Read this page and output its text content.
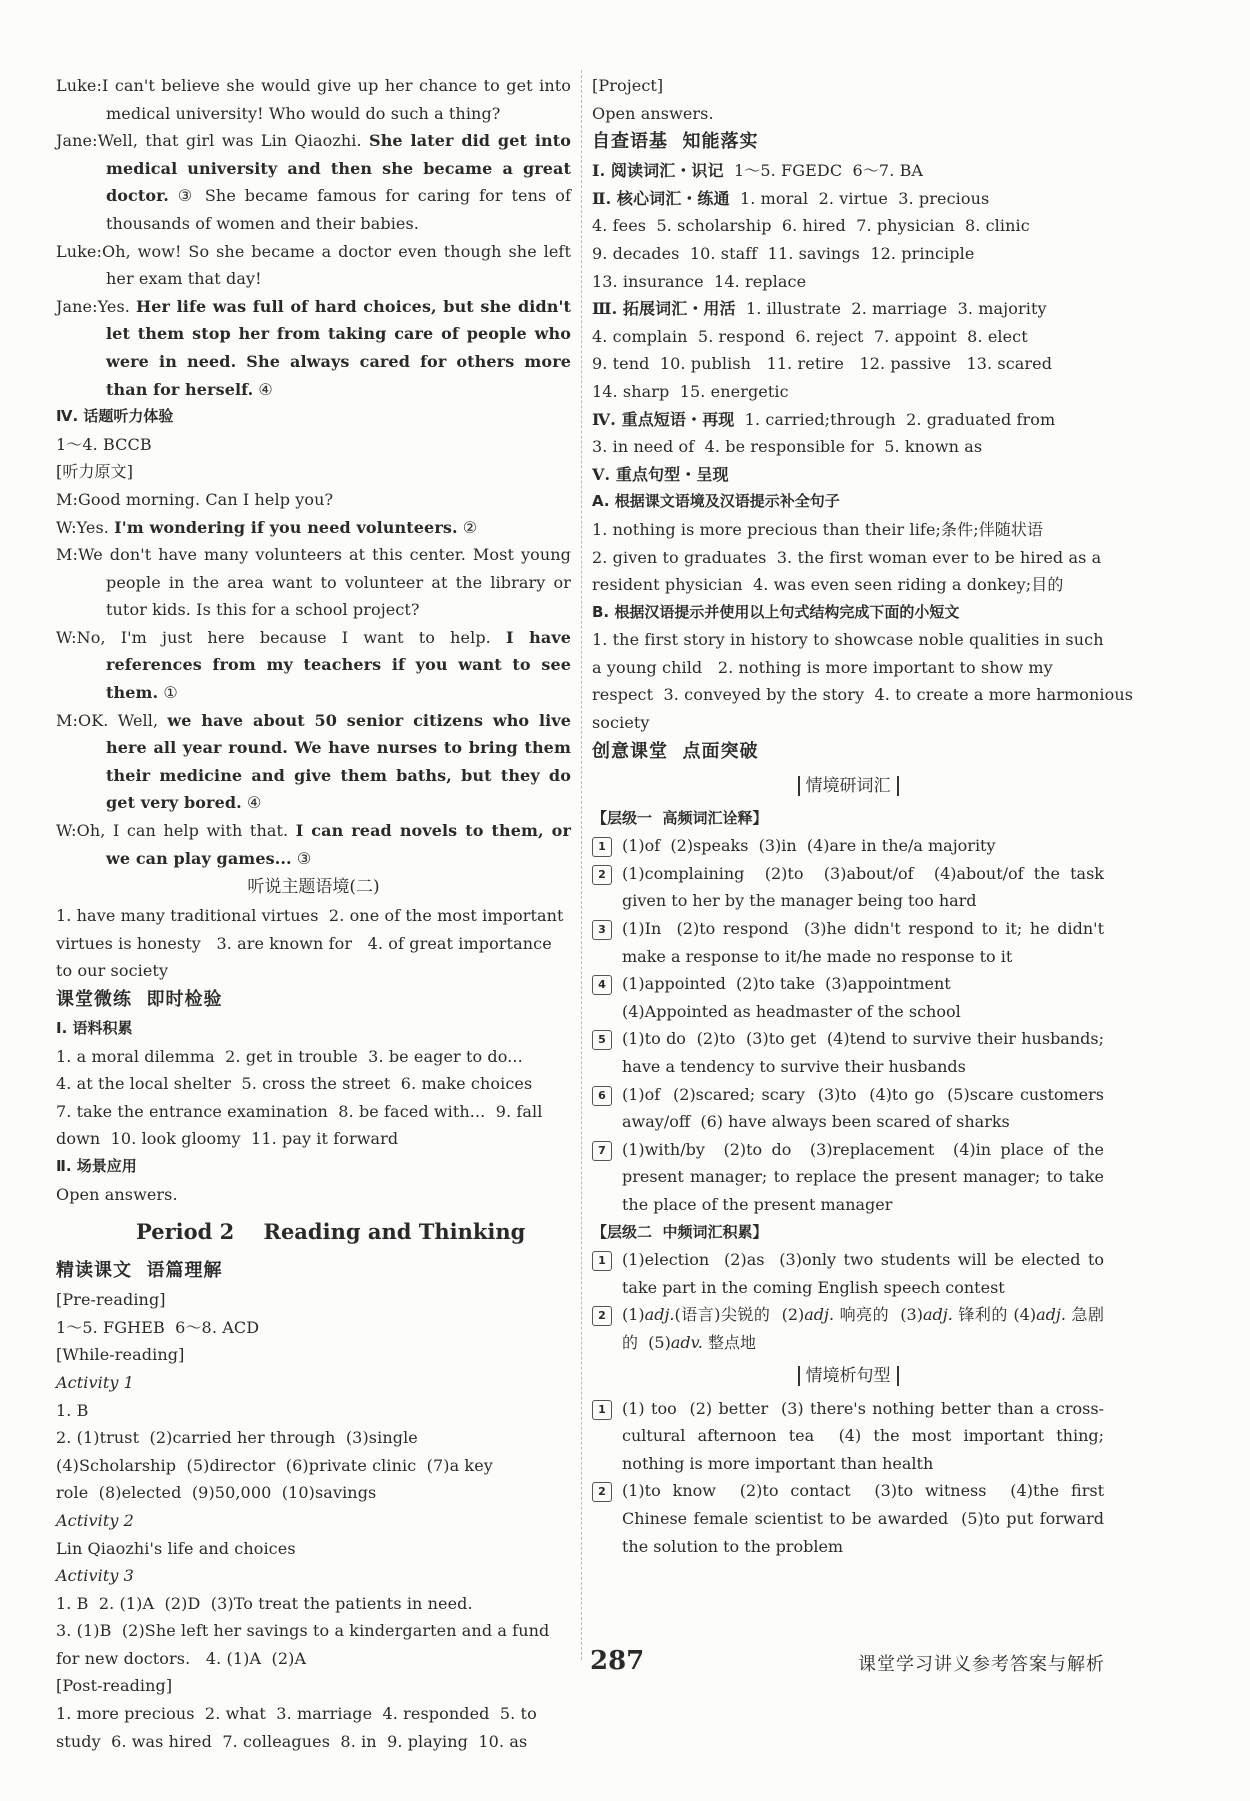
Luke:I can't believe she would give up her chance to get into medical university! Who would do such a thing?
Jane:Well, that girl was Lin Qiaozhi. She later did get into medical university and then she became a great doctor. ③ She became famous for caring for tens of thousands of women and their babies.
Luke:Oh, wow! So she became a doctor even though she left her exam that day!
Jane:Yes. Her life was full of hard choices, but she didn't let them stop her from taking care of people who were in need. She always cared for others more than for herself. ④
Ⅳ. 话题听力体验
1～4. BCCB
[听力原文]
M:Good morning. Can I help you?
W:Yes. I'm wondering if you need volunteers. ②
M:We don't have many volunteers at this center. Most young people in the area want to volunteer at the library or tutor kids. Is this for a school project?
W:No, I'm just here because I want to help. I have references from my teachers if you want to see them. ①
M:OK. Well, we have about 50 senior citizens who live here all year round. We have nurses to bring them their medicine and give them baths, but they do get very bored. ④
W:Oh, I can help with that. I can read novels to them, or we can play games... ③
听说主题语境(二)
1. have many traditional virtues  2. one of the most important
virtues is honesty   3. are known for   4. of great importance
to our society
课堂微练  即时检验
Ⅰ. 语料积累
1. a moral dilemma  2. get in trouble  3. be eager to do...
4. at the local shelter  5. cross the street  6. make choices
7. take the entrance examination  8. be faced with...  9. fall
down  10. look gloomy  11. pay it forward
Ⅱ. 场景应用
Open answers.
Period 2    Reading and Thinking
精读课文  语篇理解
[Pre-reading]
1～5. FGHEB  6～8. ACD
[While-reading]
Activity 1
1. B
2. (1)trust  (2)carried her through  (3)single
(4)Scholarship  (5)director  (6)private clinic  (7)a key
role  (8)elected  (9)50,000  (10)savings
Activity 2
Lin Qiaozhi's life and choices
Activity 3
1. B  2. (1)A  (2)D  (3)To treat the patients in need.
3. (1)B  (2)She left her savings to a kindergarten and a fund
for new doctors.   4. (1)A  (2)A
[Post-reading]
1. more precious  2. what  3. marriage  4. responded  5. to
study  6. was hired  7. colleagues  8. in  9. playing  10. as
[Project]
Open answers.
自查语基  知能落实
Ⅰ. 阅读词汇・识记  1～5. FGEDC  6～7. BA
Ⅱ. 核心词汇・练通  1. moral  2. virtue  3. precious
4. fees  5. scholarship  6. hired  7. physician  8. clinic
9. decades  10. staff  11. savings  12. principle
13. insurance  14. replace
Ⅲ. 拓展词汇・用活  1. illustrate  2. marriage  3. majority
4. complain  5. respond  6. reject  7. appoint  8. elect
9. tend  10. publish   11. retire   12. passive   13. scared
14. sharp  15. energetic
Ⅳ. 重点短语・再现  1. carried;through  2. graduated from
3. in need of  4. be responsible for  5. known as
Ⅴ. 重点句型・呈现
A. 根据课文语境及汉语提示补全句子
1. nothing is more precious than their life;条件;伴随状语
2. given to graduates  3. the first woman ever to be hired as a
resident physician  4. was even seen riding a donkey;目的
B. 根据汉语提示并使用以上句式结构完成下面的小短文
1. the first story in history to showcase noble qualities in such
a young child   2. nothing is more important to show my
respect  3. conveyed by the story  4. to create a more harmonious
society
创意课堂  点面突破
情境研词汇
【层级一  高频词汇诠释】
1	(1)of  (2)speaks  (3)in  (4)are in the/a majority
2	(1)complaining  (2)to  (3)about/of  (4)about/of the task given to her by the manager being too hard
3	(1)In  (2)to respond  (3)he didn't respond to it; he didn't make a response to it/he made no response to it
4	(1)appointed  (2)to take  (3)appointment
(4)Appointed as headmaster of the school
5	(1)to do  (2)to  (3)to get  (4)tend to survive their husbands; have a tendency to survive their husbands
6	(1)of  (2)scared; scary  (3)to  (4)to go  (5)scare customers away/off  (6) have always been scared of sharks
7	(1)with/by  (2)to do  (3)replacement  (4)in place of the present manager; to replace the present manager; to take the place of the present manager
【层级二  中频词汇积累】
1	(1)election  (2)as  (3)only two students will be elected to take part in the coming English speech contest
2	(1)adj.(语言)尖锐的  (2)adj. 响亮的  (3)adj. 锋利的 (4)adj. 急剧的  (5)adv. 整点地
情境析句型
1	(1) too  (2) better  (3) there's nothing better than a cross-cultural afternoon tea  (4) the most important thing; nothing is more important than health
2	(1)to know  (2)to contact  (3)to witness  (4)the first Chinese female scientist to be awarded  (5)to put forward the solution to the problem
287	课堂学习讲义参考答案与解析
